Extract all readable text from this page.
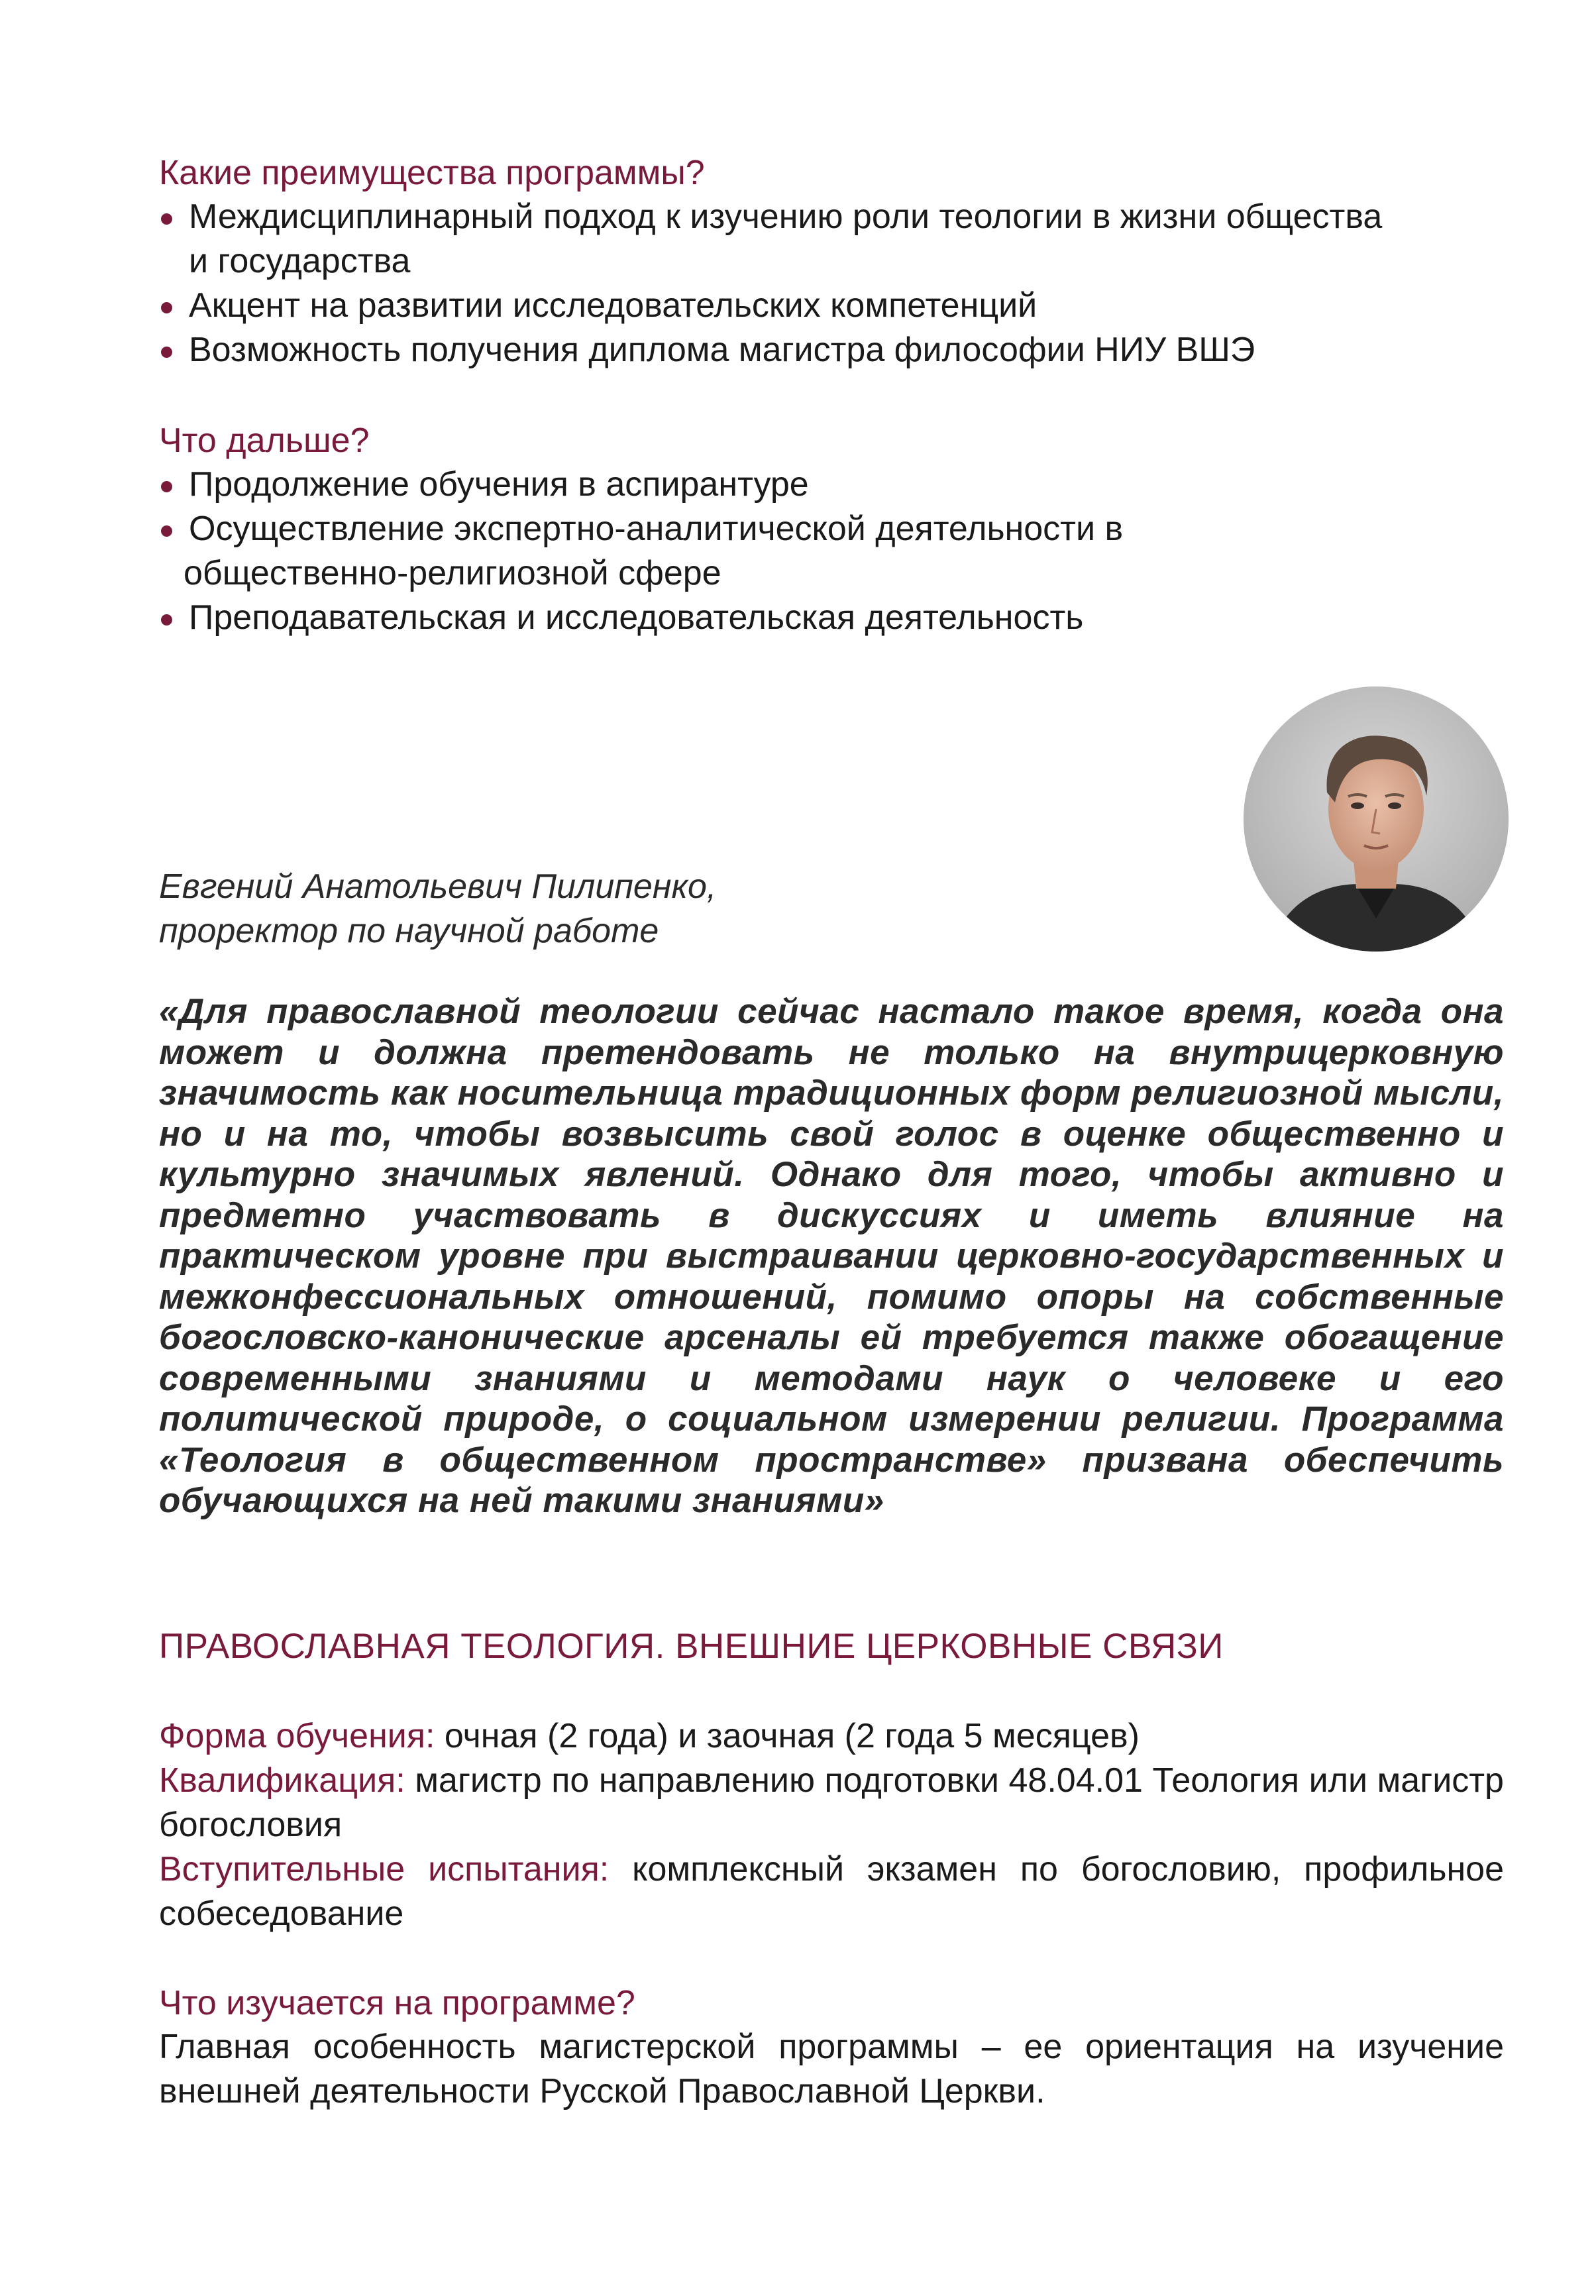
Какие преимущества программы?
Междисциплинарный подход к изучению роли теологии в жизни общества
и государства
Акцент на развитии исследовательских компетенций
Возможность получения диплома магистра философии НИУ ВШЭ
Что дальше?
Продолжение обучения в аспирантуре
Осуществление экспертно-аналитической деятельности в
общественно-религиозной сфере
Преподавательская и исследовательская деятельность
Евгений Анатольевич Пилипенко,
проректор по научной работе
«Для православной теологии сейчас настало такое время, когда она может и должна претендовать не только на внутрицерковную значимость как носительница традиционных форм религиозной мысли, но и на то, чтобы возвысить свой голос в оценке общественно и культурно значимых явлений. Однако для того, чтобы активно и предметно участвовать в дискуссиях и иметь влияние на практическом уровне при выстраивании церковно-государственных и межконфессиональных отношений, помимо опоры на собственные богословско-канонические арсеналы ей требуется также обогащение современными знаниями и методами наук о человеке и его политической природе, о социальном измерении религии. Программа «Теология в общественном пространстве» призвана обеспечить обучающихся на ней такими знаниями»
ПРАВОСЛАВНАЯ ТЕОЛОГИЯ. ВНЕШНИЕ ЦЕРКОВНЫЕ СВЯЗИ

Форма обучения: очная (2 года) и заочная (2 года 5 месяцев)

Квалификация: магистр по направлению подготовки 48.04.01 Теология или магистр богословия

Вступительные испытания: комплексный экзамен по богословию, профильное собеседование

Что изучается на программе?

Главная особенность магистерской программы – ее ориентация на изучение внешней деятельности Русской Православной Церкви.
